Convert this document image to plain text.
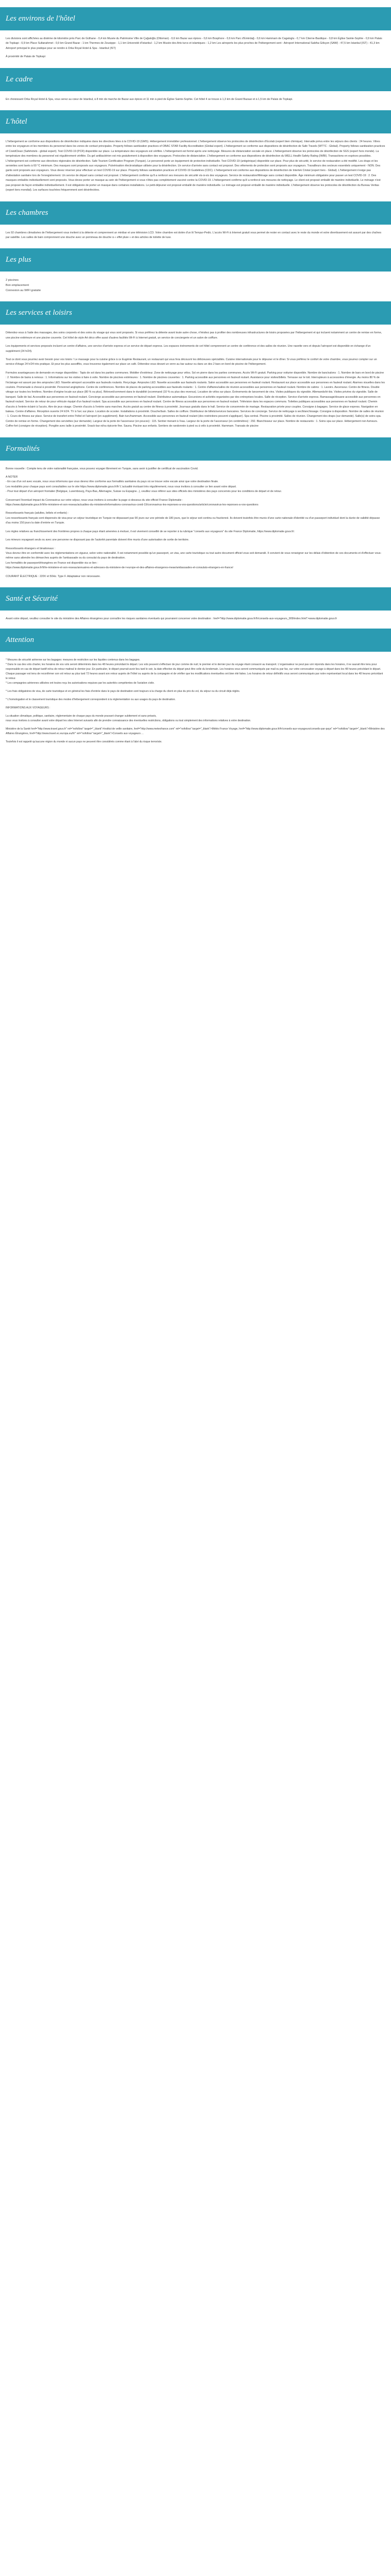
Les environs de l'hôtel
Les divisions sont affichées au dixième de kilomètre près Parc de Gülhane - 0,4 km Musée du Patrimoine Ville de Çağaloğlu (Ottoman) - 0,6 km Bazar aux épices - 0,6 km Bosphore - 0,6 km Parc d'Emirdağ - 0,6 km Hammam de Cagaloglu - 0,7 km Citerne-Basilique - 0,8 km Église Sainte-Sophie - 0,9 km Palais de Topkapi - 0,9 km Place Sultanahmet - 0,9 km Grand Bazar - 1 km Thermes de Zeuxippe - 1,1 km Université d'Istanbul - 1,2 km Musée des Arts turcs et islamiques - 1,2 km Les aéroports les plus proches de l'hébergement sont : Aéroport International Sabiha Gökçen (SAW) - 47,5 km Istanbul (IST) - 41,3 km Aéroport principal le plus pratique pour se rendre à Orka Royal Hotel & Spa - Istanbul (IST)
À proximité de Palais de Topkapi
Le cadre
En choisissant Orka Royal Hotel & Spa, vous serez au cœur de Istanbul, à 8 min de marche de Bazar aux épices et 11 min à pied de Église Sainte-Sophie. Cet hôtel 4 se trouve à 1,3 km de Grand Bazaar et à 1,5 km de Palais de Topkapi.
L'hôtel
L'hébergement se conforme aux dispositions de désinfection indiquées dans les directives liées à la COVID-19 (GMS). Hébergement immobilier professionnel. L'hébergement observe les protocoles de désinfection d'Ecolab (expert bien chimique). Intervalle prévu entre les séjours des clients : 24 heures. Vitres entre les voyageurs et les membres du personnel dans les zones de contact principales. Property follows sanitization practices of OBAC STAR Facility Accreditation (Global expert). L'hébergement se conforme aux dispositions de désinfection de Safe Travels (WTTC - Global). Property follows sanitization practices of CovidClean (Safehotels - global expert). Test COVID-19 (PCR) disponible sur place. La température des voyageurs est vérifiée. L'hébergement est fermé après une nettoyage. Mesures de distanciation sociale en place. L'hébergement observe les protocoles de désinfection de SGS (expert hors monde). La température des membres du personnel est régulièrement vérifiée. Du gel antibactérien est mis gratuitement à disposition des voyageurs. Protocoles de distanciation. L'hébergement se conforme aux dispositions de désinfection du WELL Health-Safety Rating (IWBI). Transactions en espèces possibles. L'hébergement est conforme aux directives régionales de désinfection. Safe Tourism Certification Program (Turquie). Le personnel porte un équipement de protection individuelle. Test COVID-19 (antigénique) disponible sur place. Pour plus de sécurité, le service de restauration a été modifié. Les draps et les serviettes sont lavés à 60 °C minimum. Des masques sont proposés aux voyageurs. Pulvérisation électrostatique utilisée pour la désinfection. Un service d'arrivée sans contact est proposé. Des vêtements de protection sont proposés aux voyageurs. Travailleurs des secteurs essentiels uniquement - NON. Des gants sont proposés aux voyageurs. Vous devez réserver pour effectuer un test COVID-19 sur place. Property follows sanitization practices of COVID-19 Guidelines (CDC). L'hébergement est conforme aux dispositions de désinfection de Intertek Cristal (expert tiers - Global). L'hébergement n'exige pas d'attestation sanitaire lors de l'enregistrement. Un service de départ sans contact est proposé. L'hébergement confirme qu'il a renforcé ses mesures de sécurité vis-à-vis des voyageurs. Service de restauration/Ménage sans contact disponible. Âge minimum obligatoire pour passer un test COVID-19 : 2. Des masques emballés individuellement sont proposés. Vous devez porter un masque au sein de l'hébergement si vous n'êtes pas complètement vacciné contre la COVID-19. L'hébergement confirme qu'il a renforcé ses mesures de nettoyage. Le client est proposé emballé de manière individuelle. Le ménage n'est pas proposé de façon emballée individuellement. Il est obligatoire de porter un masque dans certaines installations. Le petit-déjeuner est proposé emballé de manière individuelle. Le ménage est proposé emballé de manière individuelle. L'hébergement observe les protocoles de désinfection du Bureau Veritas (expert tiers mondial). Les surfaces touchées fréquemment sont désinfectées.
Les chambres
Les 92 chambres climatisées de l'hébergement vous invitent à la détente et comprennent un minibar et une télévision LCD. Votre chambre est dotée d'un lit Tempur-Pedic. L'accès Wi-Fi à Internet gratuit vous permet de rester en contact avec le reste du monde et votre divertissement est assuré par des chaînes par satellite. Les salles de bain comprennent une douche avec un pommeau de douche à « effet pluie » et des articles de toilette de luxe.
Les plus
2 piscines
Bon emplacement
Connexion au WIFI gratuite
Les services et loisirs
Détendez-vous à l'aide des massages, des soins corporels et des soins du visage qui vous sont proposés. Si vous préférez la détente avant toute autre chose, n'hésitez pas à profiter des nombreuses infrastructures de loisirs proposées par l'hébergement et qui incluent notamment un centre de remise en forme, une piscine extérieure et une piscine couverte. Cet hôtel de style Art déco offre aussi d'autres facilités Wi-Fi à Internet gratuit, un service de conciergerie et un salon de coiffure.
Les équipements et services proposés incluent un centre d'affaires, une service d'arrivée express et un service de départ express. Les espaces événements de cet hôtel comprennent un centre de conférence et des salles de réunion. Une navette vers et depuis l'aéroport est disponible en échange d'un supplément (24 h/24).
Tout ce dont vous pourriez avoir besoin pour vos loisirs ! Le massage pour la cuisine grâce à ce Eugénie Restaurant, un restaurant qui vous fera découvrir les délicieuses spécialités. Cuisine internationale pour le déjeuner et le dîner. Si vous préférez le confort de votre chambre, vous pourrez compter sur un service d'étage 24 h/24 très pratique. Et pour les plus assoiffés, vous trouverez également sur place un café. Détendez-vous devant un verre au bar autour ou dans un des 2 bars en bord de piscine de l'hébergement.
Formules avantageuses de demande en marge disponibles : Tapis de sol dans les parties communes. Mobilier d'extérieur. Zone de nettoyage pour vélos. Sol en pierre dans les parties communes. Accès Wi-Fi gratuit. Parking pour voiturier disponible. Nombre de bars/salons : 1. Nombre de bars en bord de piscine : 2. Nombre de bains à remous : 1. Informations sur les visites à faire à voile. Nombre de piscines extérieures : 1. Nombre de piscines couvertes : 1. Parking accessible aux personnes en fauteuil roulant. Assistance pour visites/billets. Terrasse sur le toit. Interrupteurs à accessoires d'énergie. Au moins 80 % de l'éclairage est assuré par des ampoules LED. Navette aéroport accessible aux fauteuils roulants. Recyclage. Ampoules LED. Navette accessible aux fauteuils roulants. Salon accessible aux personnes en fauteuil roulant. Restaurant sur place accessible aux personnes en fauteuil roulant. Alarmes visuelles dans les couloirs. Promenade à cheval à proximité. Personnel anglophone. Centre de conférences. Nombre de places de parking accessibles aux fauteuils roulants : 1. Centre d'affaires/salles de réunion accessibles aux personnes en fauteuil roulant. Nombre de cabins : 1. Lavoirs. Ascenseur. Centre de fitness. Double vitrage sur toutes les fenêtres. Nombre d'origine locale sur place (80 % ou plus). Rétrovel/comment dans le durabilité (ocommand (10 % ou plus des revenus). Location de vélos sur place. Évènements de lancement de vins. Visites publiques du vignoble. Allemands/tri-bis. Visites privées du vignoble. Salle de banquet. Salle de bal. Accessible aux personnes en fauteuil roulant. Concierge accessible aux personnes en fauteuil roulant. Distributeur automatique. Excursions et activités organisées par des entreprises locales. Salle de réception. Service d'arrivée express. Ramassage/douane accessible aux personnes en fauteuil roulant. Service de retour de pour véhicule équipé d'un fauteuil roulant. Spa accessible aux personnes en fauteuil roulant. Centre de fitness accessible aux personnes en fauteuil roulant. Télévision dans les espaces communs. Toilettes publiques accessibles aux personnes en fauteuil roulant. Chemin d'accès à l'entrée éclairé à l'accès. Aire de jeux visage. Chemin d'accès à l'entrée sans marches. Accès gratuit au centre de fitness à proximité. Journaux gratuits dans le hall. Service de consommée de mariage. Restauration privée pour couples. Consigne à bagages. Service de glace express. Navigation en bateau. Centre d'affaires. Réception ouverte 24 h/24. TV à l'arc sur place. Location de scooter. Installations à proximité. Douche/bain. Salles de coiffure. Distributeur de billets/services bancaires. Services de concierge. Service de nettoyage à sec/blanchissage. Consigne à disposition. Nombre de salles de réunion : 1. Cours de fitness sur place. Service de transfert entre l'hôtel et l'aéroport (en supplément). Bain turc/hammam. Accessible aux personnes en fauteuil roulant (des restrictions peuvent s'appliquer). Spa central. Piscine à proximité. Salles de réunion. Changement des draps (sur demande). Salle(s) de soins spa. Centre de remise en forme. Changement des serviettes (sur demande). Largeur de la porte de l'ascenseur (en pouces) : 115. Sentier menant à l'eau. Largeur de la porte de l'ascenseur (en centimètres) : 292. Blanchisseur sur place. Nombre de restaurants : 1. Soins spa sur place. Hébergement non-fumeurs. Coffre-fort (consigne de réception). Ponglée avec taille à proximité. Snack-bar et/ou épicerie fine. Sauna. Piscine aux enfants. Sentiers de randonnée à pied ou à vélo à proximité. Hammam. Transats de piscine
Formalités
Bonne nouvelle : Compte tenu de votre nationalité française, vous pouvez voyager librement en Turquie, sans avoir à justifier de certificat de vaccination Covid.
A NOTER
- En cas d'un vol avec escale, nous vous informons que vous devrez être conforme aux formalités sanitaires du pays où se trouve votre escale ainsi que votre destination finale.
Les modalités pour chaque pays sont consultables sur le site https://www.diplomatie.gouv.fr/fr/ L'actualité évoluant très régulièrement, nous vous invitons à consulter ce lien avant votre départ.
- Pour tout départ d'un aéroport frontalier (Belgique, Luxembourg, Pays-Bas, Allemagne, Suisse ou Espagne...), veuillez vous référer aux sites officiels des ministères des pays concernés pour les conditions de départ et de retour.
Concernant l'éventuel impact du Coronavirus sur votre séjour, nous vous invitons à consulter la page ci-dessous du site officiel France Diplomatie :
https://www.diplomatie.gouv.fr/fr/le-ministere-et-son-reseau/actualites-du-ministere/informations-coronavirus-covid-19/coronavirus-les-reponses-a-vos-questions/article/coronavirus-les-reponses-a-vos-questions
Ressortissants français (adultes, bébés et enfants) :
Les ressortissants français sont dispensés de visa pour un séjour touristique en Turquie ne dépassant pas 90 jours sur une période de 180 jours, que le séjour soit continu ou fractionné. Ils doivent toutefois être munis d'une carte nationale d'identité ou d'un passeport individuel dont la durée de validité dépasse d'au moins 150 jours la date d'entrée en Turquie.
Les règles relatives au franchissement des frontières propres à chaque pays étant amenées à évoluer, il est vivement conseillé de se reporter à la rubrique "conseils aux voyageurs" du site France Diplomatie, https://www.diplomatie.gouv.fr/.
Les mineurs voyageant seuls ou avec une personne ne disposant pas de l'autorité parentale doivent être munis d'une autorisation de sortie de territoire.
Ressortissants étrangers et binationaux :
Vous devrez être en conformité avec les réglementations en vigueur, selon votre nationalité. Il est notamment possible qu'un passeport, un visa, une carte touristique ou tout autre document officiel vous soit demandé. Il convient de vous renseigner sur les délais d'obtention de ces documents et d'effectuer vous-même sans attendre les démarches auprès de l'ambassade ou du consulat du pays de destination.
Les formalités de passeport/étrangères en France est disponible via ce lien :
https://www.diplomatie.gouv.fr/fr/le-ministere-et-son-reseau/annuaires-et-adresses-du-ministere-de-l-europe-et-des-affaires-etrangeres-meae/ambassades-et-consulats-etrangers-en-france/
COURANT ÉLECTRIQUE : 220V et 50Hz. Type F. Adaptateur non nécessaire.
Santé et Sécurité
Avant votre départ, veuillez consulter le site du ministère des Affaires étrangères pour connaître les risques sanitaires éventuels qui pourraient concerner votre destination : href="http://www.diplomatie.gouv.fr/fr/conseils-aux-voyageurs_909/index.html">www.diplomatie.gouv.fr
Attention
* Mesures de sécurité aérienne sur les bagages: mesures de restriction sur les liquides contenus dans les bagages.
* Dans le cas des vols charter, les horaires de vos vols seront déterminés dans les 48 heures précédant le départ. Les vols peuvent s'effectuer de jour comme de nuit; le premier et le dernier jour du voyage étant consacré au transport. L'organisateur ne peut pas voir répondu dans les horaires, il ne saurait être tenu pour responsable en cas de départ tardif et/ou de retour matinal le dernier jour. En particulier, le départ pourrait avoir lieu tard le soir, la date effective du départ peut être celle du lendemain. Les horaires vous seront communiqués par mail ou par fax, sur votre convocation voyage à départ dans les 48 heures précédant le départ. Chaque passager est tenu de reconfirmer son vol retour au plus tard 72 heures avant son retour auprès de l'hôtel ou auprès de la compagnie et de vérifier que les modifications éventuelles ont bien été faites. Les horaires de retour définitifs vous seront communiqués par notre représentant local dans les 48 heures précédant le retour.
* Les compagnies aériennes utilisées ont toutes reçu les autorisations requises par les autorités compétentes de l'aviation civile.
* Les frais obligatoires de visa, de carte touristique et en général les frais d'entrée dans le pays de destination sont toujours à la charge du client en plus du prix du vol, du séjour ou du circuit déjà réglés.
* L'homologation et le classement touristique des modes d'hébergement correspondent à la réglementation ou aux usages du pays de destination.
INFORMATIONS AUX VOYAGEURS :
La situation climatique, politique, sanitaire, réglementaire de chaque pays du monde pouvant changer subitement et sans préavis,
nous vous invitons à consulter avant votre départ les sites Internet suivants afin de prendre connaissance des éventuelles restrictions, obligations ou tout simplement des informations relatives à votre destination.
Ministère de la Santé href="http://www.travel.gouv.fr" rel="nofollow" target="_blank">Institut de veille sanitaire, href="http://www.meteofrance.com" rel="nofollow" target="_blank">Météo France Voyage, href="http://www.diplomatie.gouv.fr/fr/conseils-aux-voyageurs/conseils-par-pays" rel="nofollow" target="_blank">Ministère des Affaires Étrangères, href="http://www.travel.ec.europa.eu/fr/" rel="nofollow" target="_blank">Conseils aux voyageurs ...
Toutefois il est rappelé qu'aucune région du monde ni aucun pays ne peuvent être considérés comme étant à l'abri du risque terroriste.
